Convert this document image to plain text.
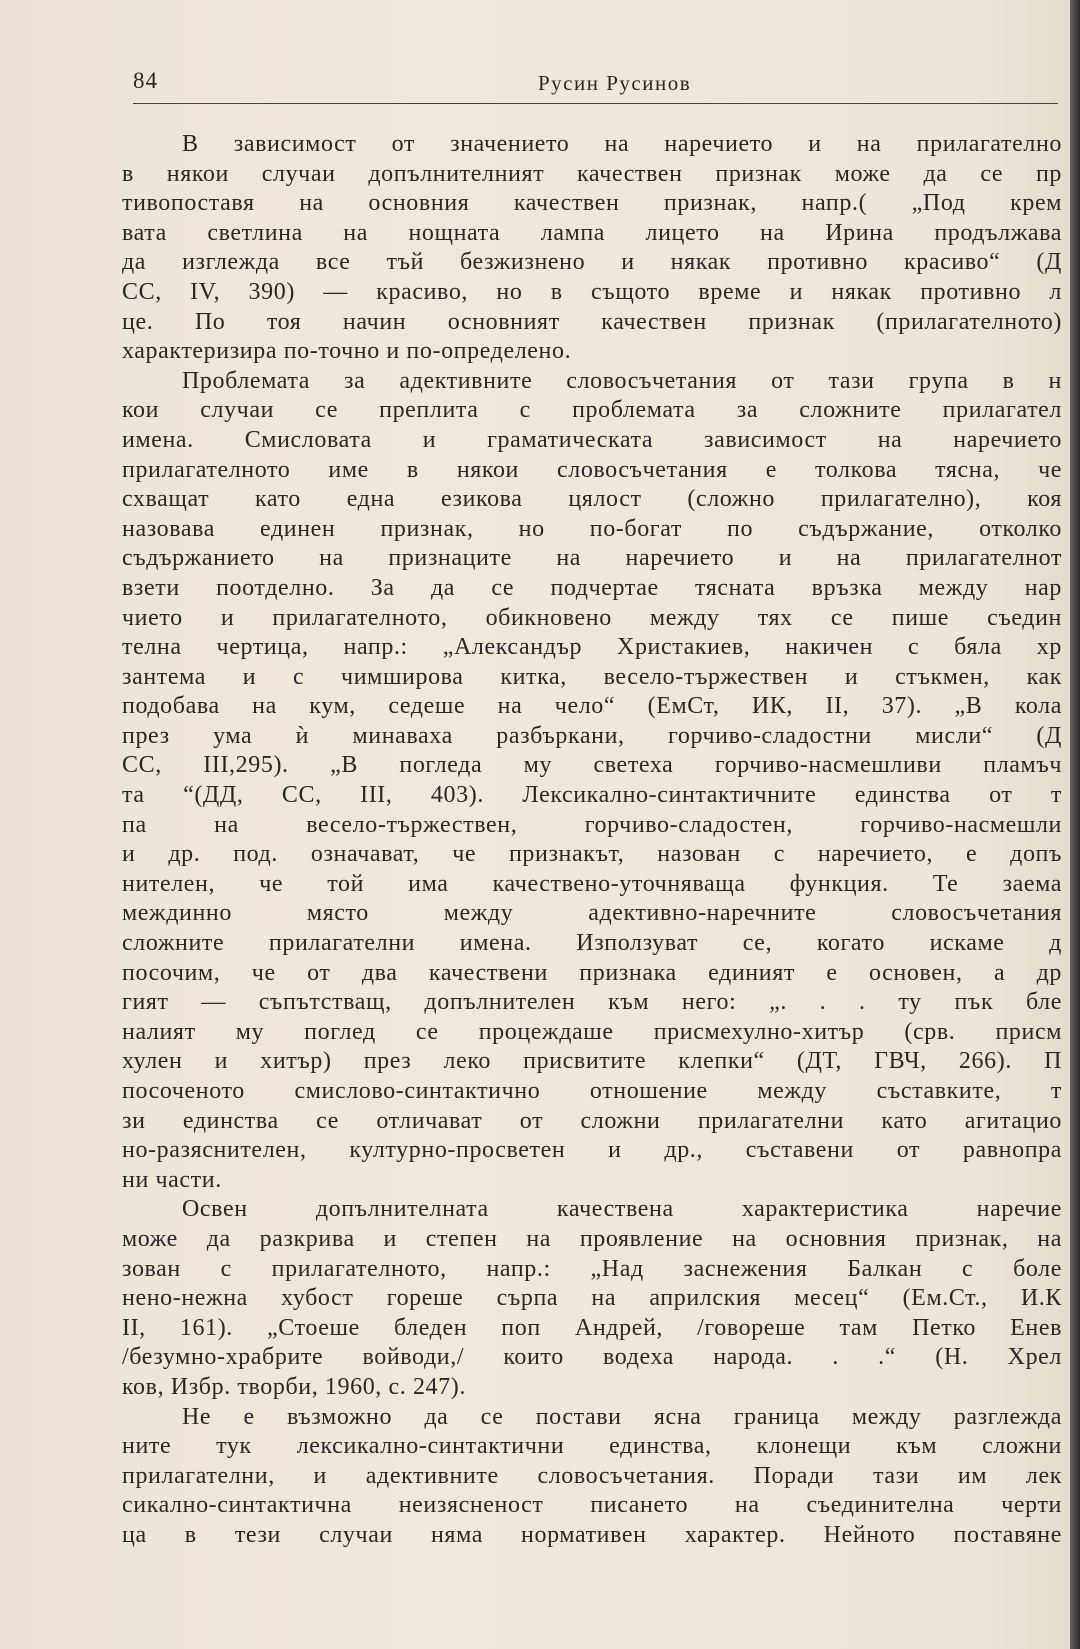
84	Русин Русинов
В зависимост от значението на наречието и на прилагателно
в някои случаи допълнителният качествен признак може да се пр
тивопоставя на основния качествен признак, напр.( „Под крем
вата светлина на нощната лампа лицето на Ирина продължава
да изглежда все тъй безжизнено и някак противно красиво“ (Д
СС, IV, 390) — красиво, но в същото време и някак противно л
це. По тоя начин основният качествен признак (прилагателното)
характеризира по-точно и по-определено.
Проблемата за адективните словосъчетания от тази група в н
кои случаи се преплита с проблемата за сложните прилагател
имена. Смисловата и граматическата зависимост на наречието
прилагателното име в някои словосъчетания е толкова тясна, че
схващат като една езикова цялост (сложно прилагателно), коя
назовава единен признак, но по-богат по съдържание, отколко
съдържанието на признаците на наречието и на прилагателнот
взети поотделно. За да се подчертае тясната връзка между нар
чието и прилагателното, обикновено между тях се пише съедин
телна чертица, напр.: „Александър Христакиев, накичен с бяла хр
зантема и с чимширова китка, весело-тържествен и стъкмен, как
подобава на кум, седеше на чело“ (ЕмСт, ИК, II, 37). „В кола
през ума ѝ минаваха разбъркани, горчиво-сладостни мисли“ (Д
СС, III,295). „В погледа му светеха горчиво-насмешливи пламъч
та “(ДД, СС, III, 403). Лексикално-синтактичните единства от т
па на весело-тържествен, горчиво-сладостен, горчиво-насмешли
и др. под. означават, че признакът, назован с наречието, е допъ
нителен, че той има качествено-уточняваща функция. Те заема
междинно място между адективно-наречните словосъчетания
сложните прилагателни имена. Използуват се, когато искаме д
посочим, че от два качествени признака единият е основен, а др
гият — съпътстващ, допълнителен към него: „. . . ту пък бле
налият му поглед се процеждаше присмехулно-хитър (срв. присм
хулен и хитър) през леко присвитите клепки“ (ДТ, ГВЧ, 266). П
посоченото смислово-синтактично отношение между съставките, т
зи единства се отличават от сложни прилагателни като агитацио
но-разяснителен, културно-просветен и др., съставени от равнопра
ни части.
Освен допълнителната качествена характеристика наречие
може да разкрива и степен на проявление на основния признак, на
зован с прилагателното, напр.: „Над заснежения Балкан с боле
нено-нежна хубост гореше сърпа на априлския месец“ (Ем.Ст., И.К
II, 161). „Стоеше бледен поп Андрей, /говореше там Петко Енев
/безумно-храбрите войводи,/ които водеха народа. . .“ (Н. Хрел
ков, Избр. творби, 1960, с. 247).
Не е възможно да се постави ясна граница между разглежда
ните тук лексикално-синтактични единства, клонещи към сложни
прилагателни, и адективните словосъчетания. Поради тази им лек
сикално-синтактична неизясненост писането на съединителна черти
ца в тези случаи няма нормативен характер. Нейното поставяне
